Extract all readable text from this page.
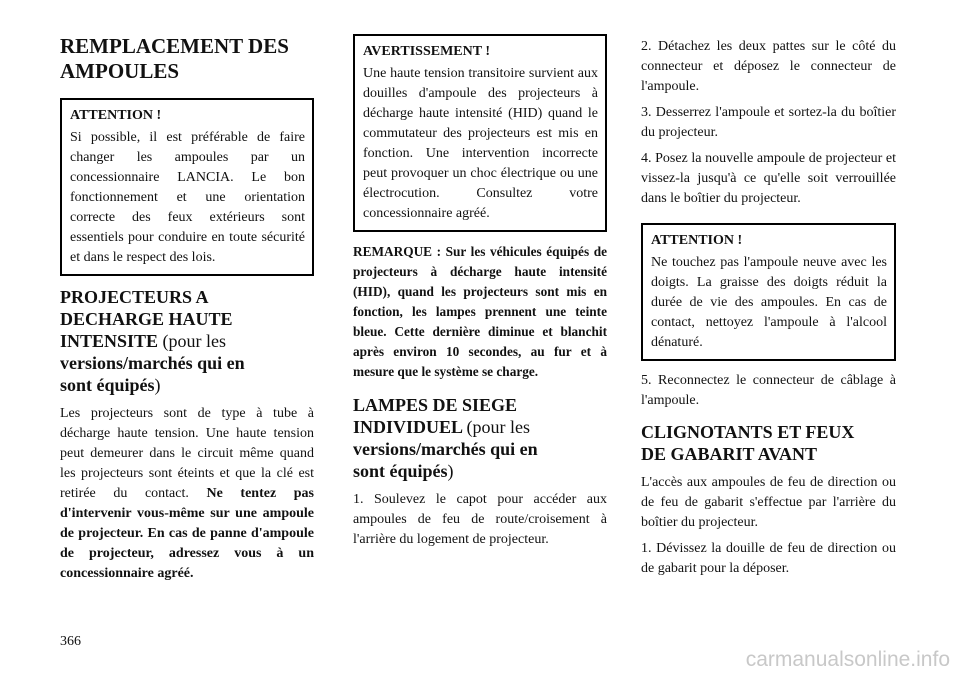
REMPLACEMENT DES
AMPOULES
ATTENTION !

Si possible, il est préférable de faire changer les ampoules par un concessionnaire LANCIA. Le bon fonctionnement et une orientation correcte des feux extérieurs sont essentiels pour conduire en toute sécurité et dans le respect des lois.

PROJECTEURS A
DECHARGE HAUTE
INTENSITE (pour les
versions/marchés qui en
sont équipés)

Les projecteurs sont de type à tube à décharge haute tension. Une haute tension peut demeurer dans le circuit même quand les projecteurs sont éteints et que la clé est retirée du contact. Ne tentez pas d'intervenir vous-même sur une ampoule de projecteur. En cas de panne d'ampoule de projecteur, adressez vous à un concessionnaire agréé.

AVERTISSEMENT !

Une haute tension transitoire survient aux douilles d'ampoule des projecteurs à décharge haute intensité (HID) quand le commutateur des projecteurs est mis en fonction. Une intervention incorrecte peut provoquer un choc électrique ou une électrocution. Consultez votre concessionnaire agréé.

REMARQUE : Sur les véhicules équipés de projecteurs à décharge haute intensité (HID), quand les projecteurs sont mis en fonction, les lampes prennent une teinte bleue. Cette dernière diminue et blanchit après environ 10 secondes, au fur et à mesure que le système se charge.
LAMPES DE SIEGE
INDIVIDUEL (pour les
versions/marchés qui en
sont équipés)

1. Soulevez le capot pour accéder aux ampoules de feu de route/croisement à l'arrière du logement de projecteur.

2. Détachez les deux pattes sur le côté du connecteur et déposez le connecteur de l'ampoule.

3. Desserrez l'ampoule et sortez-la du boîtier du projecteur.

4. Posez la nouvelle ampoule de projecteur et vissez-la jusqu'à ce qu'elle soit verrouillée dans le boîtier du projecteur.

ATTENTION !

Ne touchez pas l'ampoule neuve avec les doigts. La graisse des doigts réduit la durée de vie des ampoules. En cas de contact, nettoyez l'ampoule à l'alcool dénaturé.

5. Reconnectez le connecteur de câblage à l'ampoule.

CLIGNOTANTS ET FEUX
DE GABARIT AVANT

L'accès aux ampoules de feu de direction ou de feu de gabarit s'effectue par l'arrière du boîtier du projecteur.

1. Dévissez la douille de feu de direction ou de gabarit pour la déposer.

366
carmanualsonline.info
